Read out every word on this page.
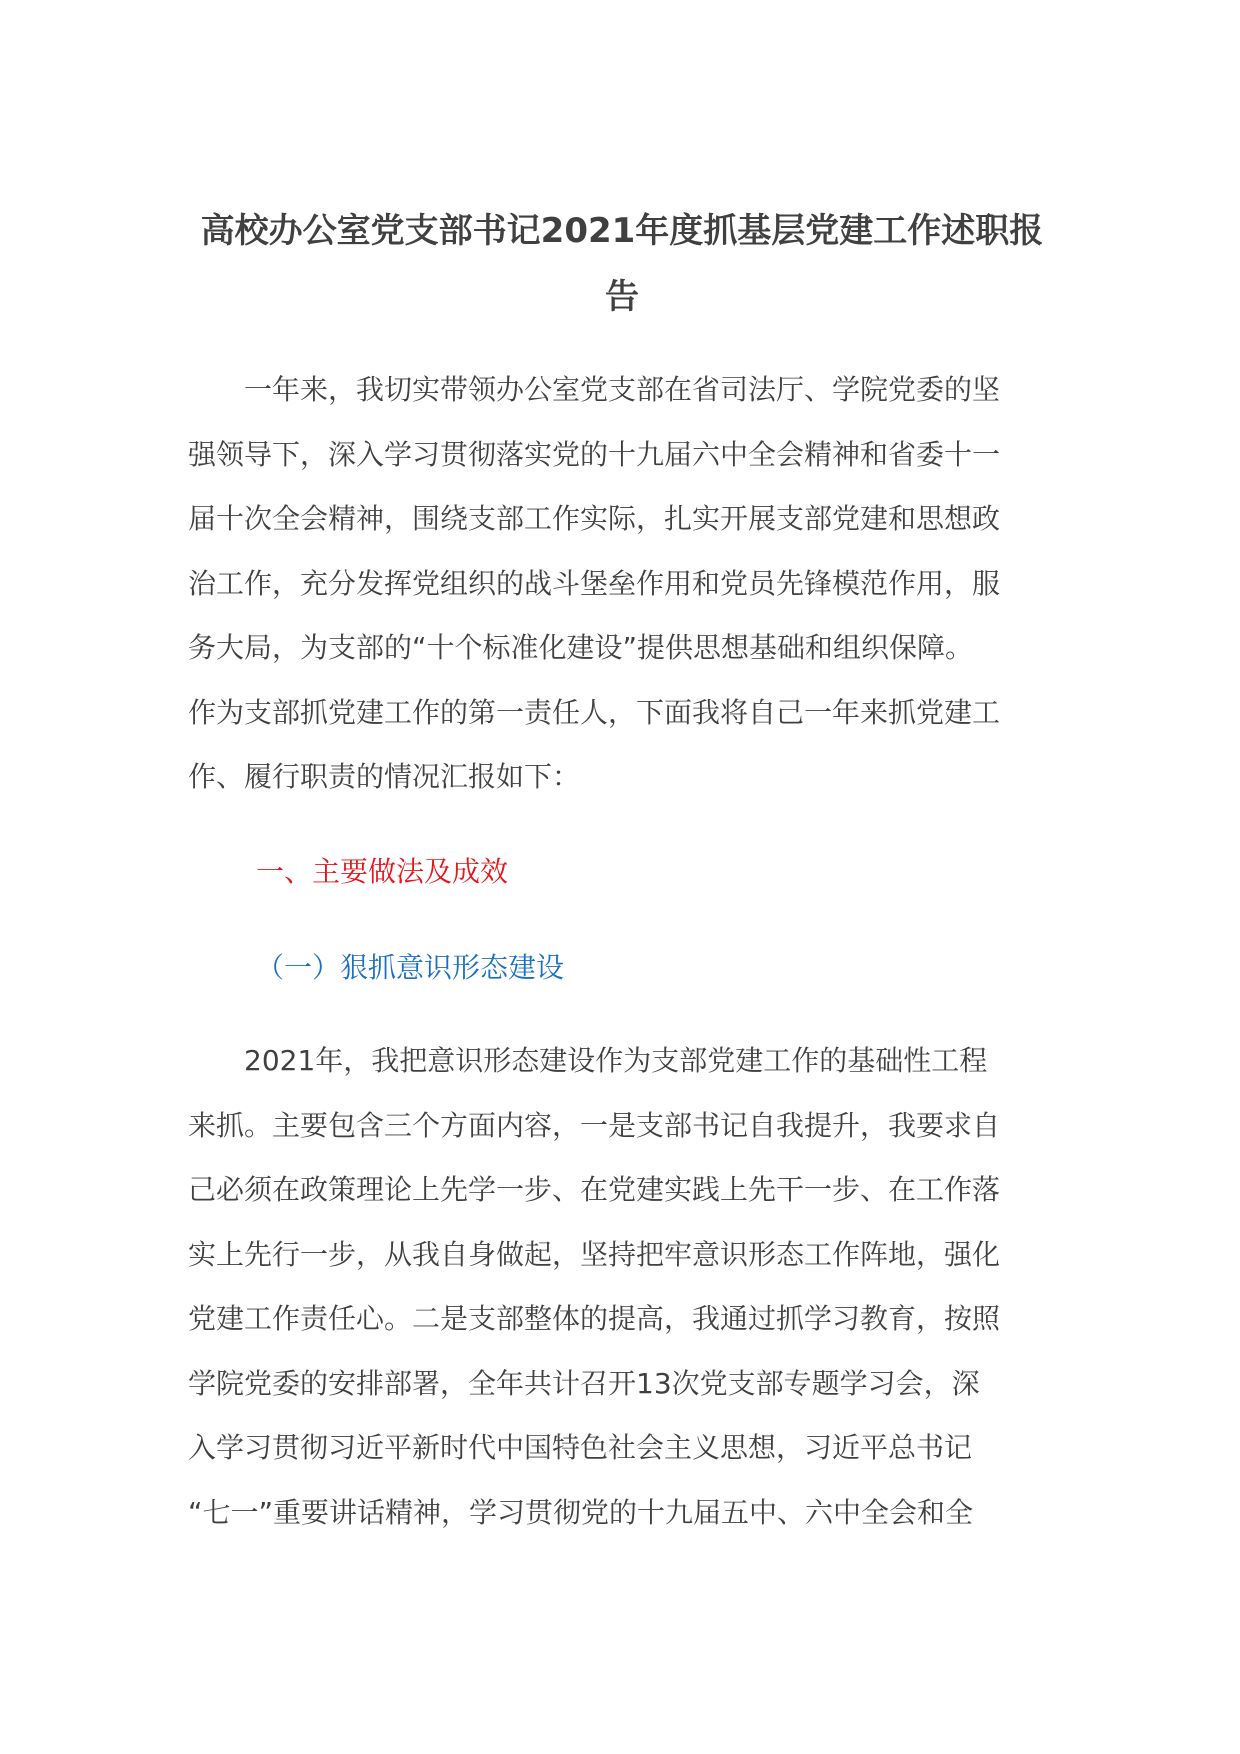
高校办公室党支部书记2021年度抓基层党建工作述职报
告
　　一年来，我切实带领办公室党支部在省司法厅、学院党委的坚
强领导下，深入学习贯彻落实党的十九届六中全会精神和省委十一
届十次全会精神，围绕支部工作实际，扎实开展支部党建和思想政
治工作，充分发挥党组织的战斗堡垒作用和党员先锋模范作用，服
务大局，为支部的“十个标准化建设”提供思想基础和组织保障。
作为支部抓党建工作的第一责任人，下面我将自己一年来抓党建工
作、履行职责的情况汇报如下：
一、主要做法及成效
（一）狠抓意识形态建设
　　2021年，我把意识形态建设作为支部党建工作的基础性工程
来抓。主要包含三个方面内容，一是支部书记自我提升，我要求自
己必须在政策理论上先学一步、在党建实践上先干一步、在工作落
实上先行一步，从我自身做起，坚持把牢意识形态工作阵地，强化
党建工作责任心。二是支部整体的提高，我通过抓学习教育，按照
学院党委的安排部署，全年共计召开13次党支部专题学习会，深
入学习贯彻习近平新时代中国特色社会主义思想，习近平总书记
“七一”重要讲话精神，学习贯彻党的十九届五中、六中全会和全
